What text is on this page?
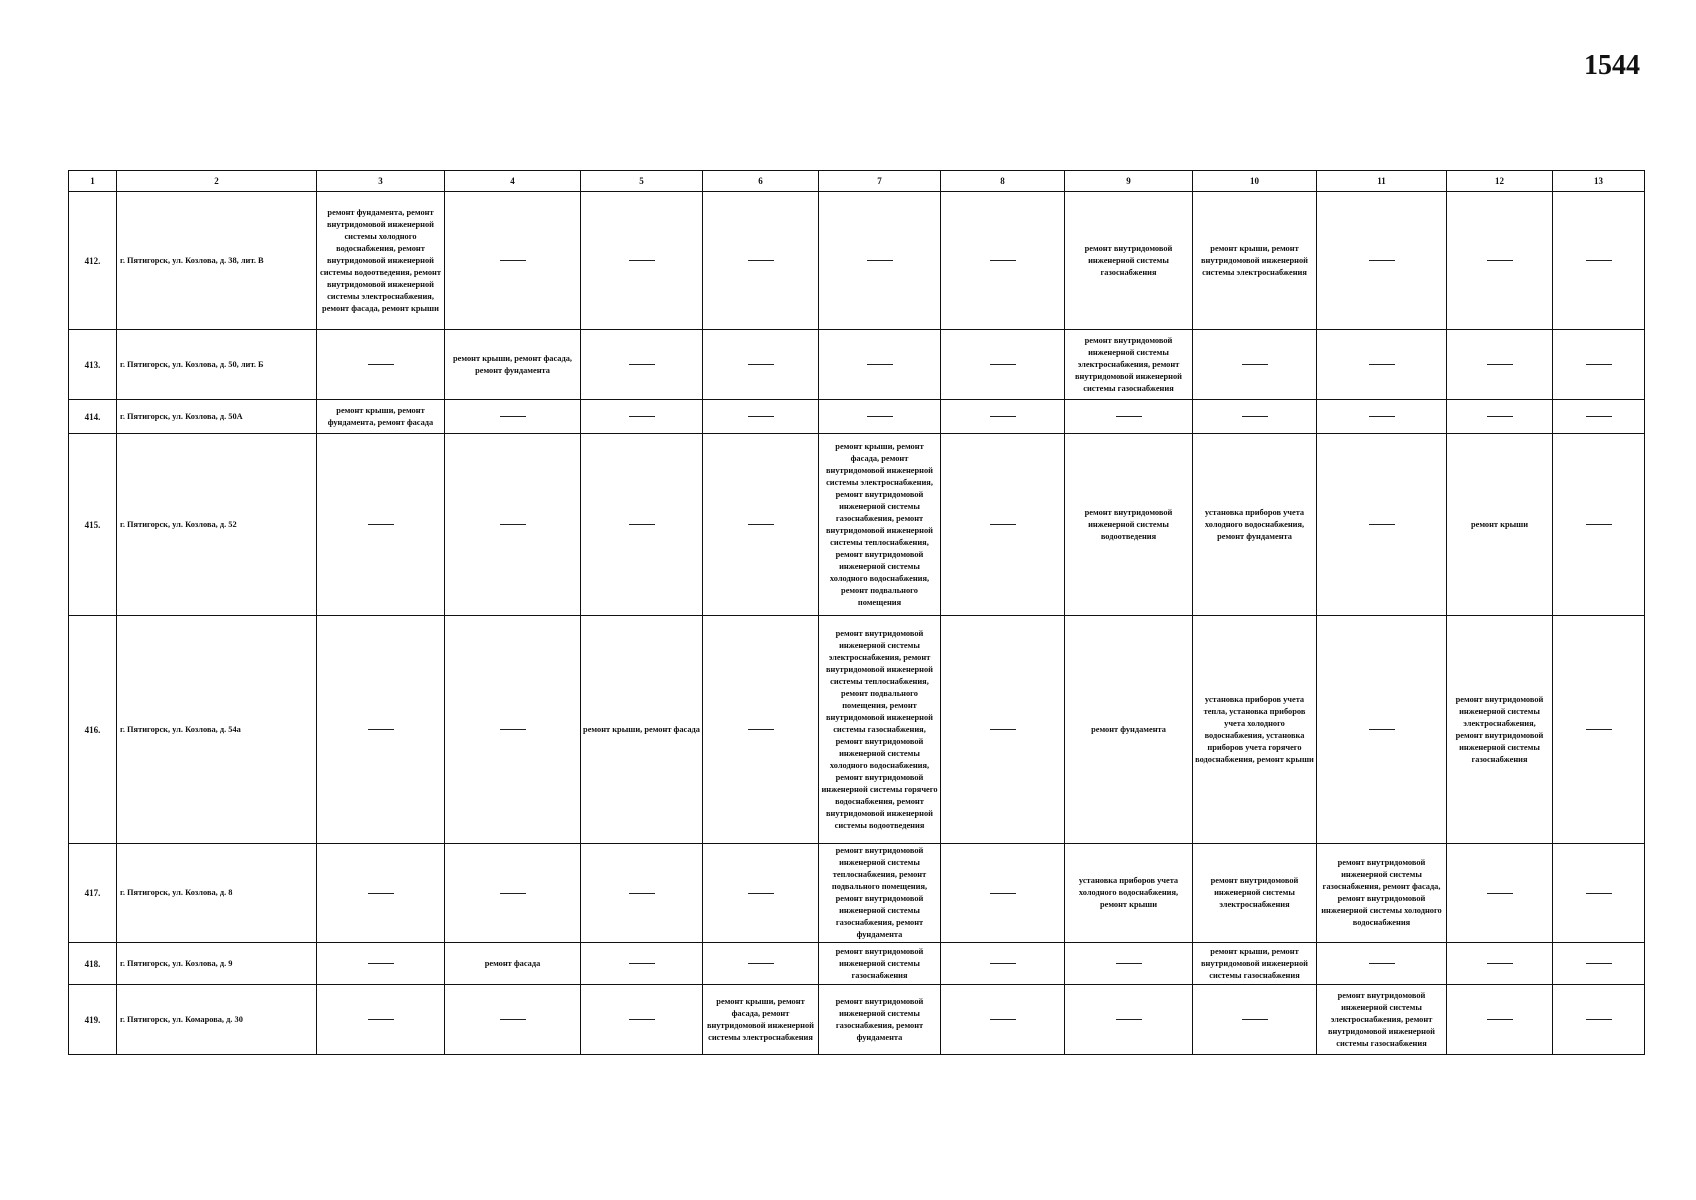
1544
1	2	3	4	5	6	7	8	9	10	11	12	13
412.	г. Пятигорск, ул. Козлова, д. 38, лит. В	ремонт фундамента, ремонт внутридомовой инженерной системы холодного водоснабжения, ремонт внутридомовой инженерной системы водоотведения, ремонт внутридомовой инженерной системы электроснабжения, ремонт фасада, ремонт крыши						ремонт внутридомовой инженерной системы газоснабжения	ремонт крыши, ремонт внутридомовой инженерной системы электроснабжения			
413.	г. Пятигорск, ул. Козлова, д. 50, лит. Б		ремонт крыши, ремонт фасада, ремонт фундамента					ремонт внутридомовой инженерной системы электроснабжения, ремонт внутридомовой инженерной системы газоснабжения				
414.	г. Пятигорск, ул. Козлова, д. 50А	ремонт крыши, ремонт фундамента, ремонт фасада										
415.	г. Пятигорск, ул. Козлова, д. 52					ремонт крыши, ремонт фасада, ремонт внутридомовой инженерной системы электроснабжения, ремонт внутридомовой инженерной системы газоснабжения, ремонт внутридомовой инженерной системы теплоснабжения, ремонт внутридомовой инженерной системы холодного водоснабжения, ремонт подвального помещения		ремонт внутридомовой инженерной системы водоотведения	установка приборов учета холодного водоснабжения, ремонт фундамента		ремонт крыши	
416.	г. Пятигорск, ул. Козлова, д. 54а			ремонт крыши, ремонт фасада		ремонт внутридомовой инженерной системы электроснабжения, ремонт внутридомовой инженерной системы теплоснабжения, ремонт подвального помещения, ремонт внутридомовой инженерной системы газоснабжения, ремонт внутридомовой инженерной системы холодного водоснабжения, ремонт внутридомовой инженерной системы горячего водоснабжения, ремонт внутридомовой инженерной системы водоотведения		ремонт фундамента	установка приборов учета тепла, установка приборов учета холодного водоснабжения, установка приборов учета горячего водоснабжения, ремонт крыши		ремонт внутридомовой инженерной системы электроснабжения, ремонт внутридомовой инженерной системы газоснабжения	
417.	г. Пятигорск, ул. Козлова, д. 8					ремонт внутридомовой инженерной системы теплоснабжения, ремонт подвального помещения, ремонт внутридомовой инженерной системы газоснабжения, ремонт фундамента		установка приборов учета холодного водоснабжения, ремонт крыши	ремонт внутридомовой инженерной системы электроснабжения	ремонт внутридомовой инженерной системы газоснабжения, ремонт фасада, ремонт внутридомовой инженерной системы холодного водоснабжения		
418.	г. Пятигорск, ул. Козлова, д. 9		ремонт фасада			ремонт внутридомовой инженерной системы газоснабжения			ремонт крыши, ремонт внутридомовой инженерной системы газоснабжения			
419.	г. Пятигорск, ул. Комарова, д. 30				ремонт крыши, ремонт фасада, ремонт внутридомовой инженерной системы электроснабжения	ремонт внутридомовой инженерной системы газоснабжения, ремонт фундамента				ремонт внутридомовой инженерной системы электроснабжения, ремонт внутридомовой инженерной системы газоснабжения		
